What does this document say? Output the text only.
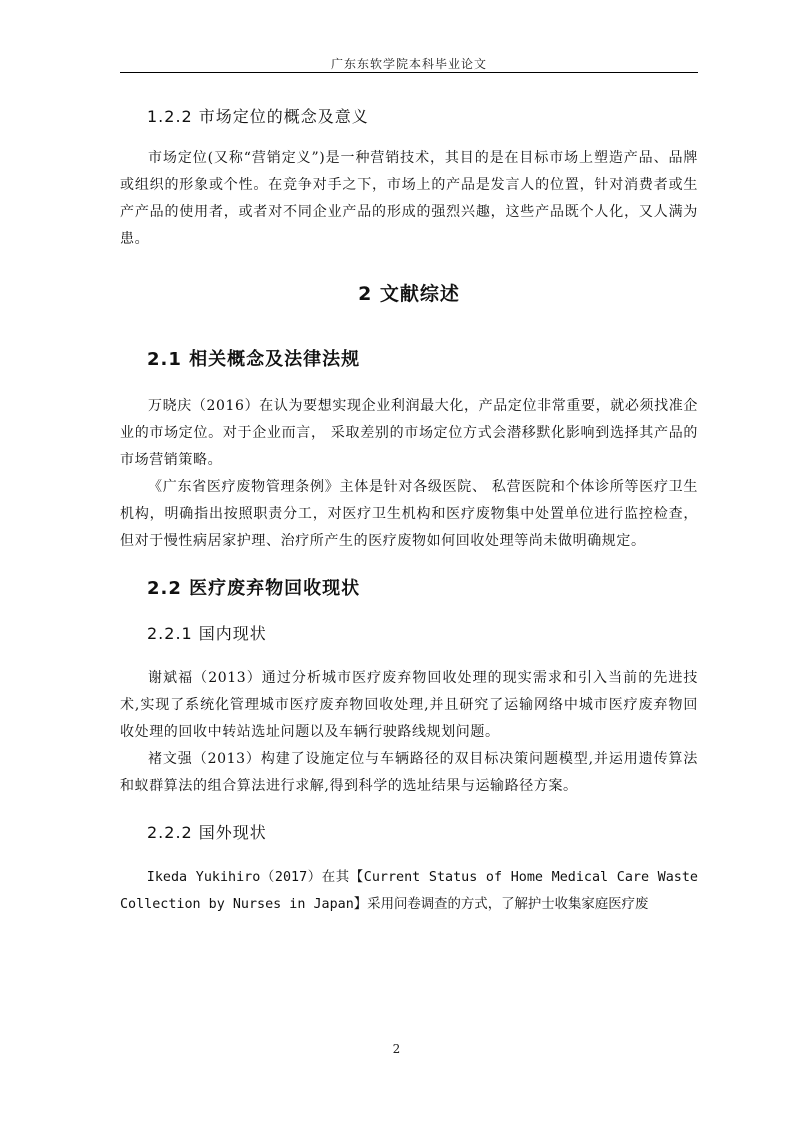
广东东软学院本科毕业论文
1.2.2 市场定位的概念及意义

市场定位(又称“营销定义”)是一种营销技术，其目的是在目标市场上塑造产品、品牌或组织的形象或个性。在竞争对手之下，市场上的产品是发言人的位置，针对消费者或生产产品的使用者，或者对不同企业产品的形成的强烈兴趣，这些产品既个人化，又人满为患。

2 文献综述
2.1 相关概念及法律法规

万晓庆（2016）在认为要想实现企业利润最大化，产品定位非常重要，就必须找准企业的市场定位。对于企业而言， 采取差别的市场定位方式会潜移默化影响到选择其产品的市场营销策略。

《广东省医疗废物管理条例》主体是针对各级医院、 私营医院和个体诊所等医疗卫生机构，明确指出按照职责分工，对医疗卫生机构和医疗废物集中处置单位进行监控检查，但对于慢性病居家护理、治疗所产生的医疗废物如何回收处理等尚未做明确规定。

2.2 医疗废弃物回收现状
2.2.1 国内现状

谢斌福（2013）通过分析城市医疗废弃物回收处理的现实需求和引入当前的先进技术,实现了系统化管理城市医疗废弃物回收处理,并且研究了运输网络中城市医疗废弃物回收处理的回收中转站选址问题以及车辆行驶路线规划问题。

褚文强（2013）构建了设施定位与车辆路径的双目标决策问题模型,并运用遗传算法和蚁群算法的组合算法进行求解,得到科学的选址结果与运输路径方案。

2.2.2 国外现状

Ikeda Yukihiro（2017）在其【Current Status of Home Medical Care Waste Collection by Nurses in Japan】采用问卷调查的方式，了解护士收集家庭医疗废

2
